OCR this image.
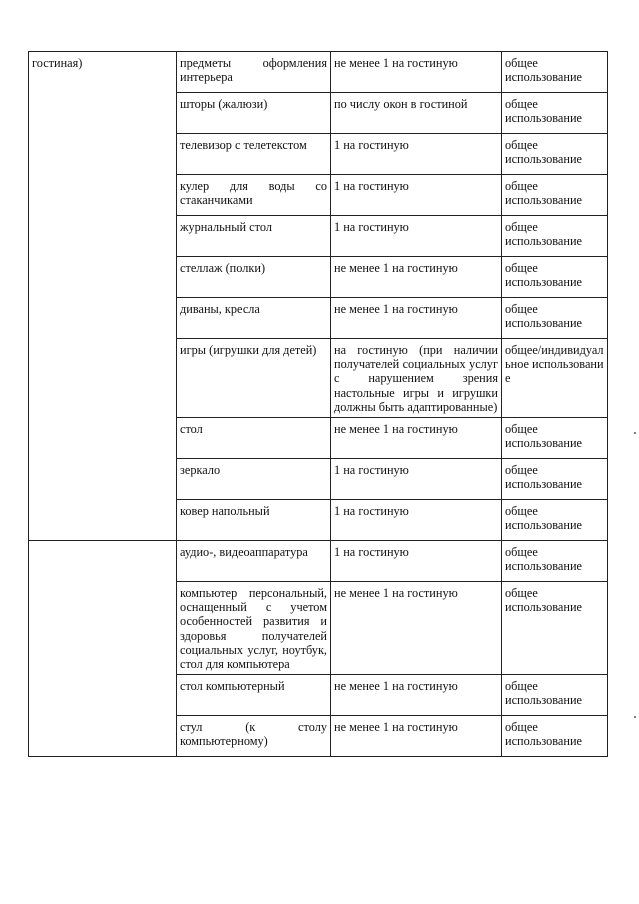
гостиная)	предметы оформления интерьера	не менее 1 на гостиную	общее использование
	шторы (жалюзи)	по числу окон в гостиной	общее использование
	телевизор с телетекстом	1 на гостиную	общее использование
	кулер для воды со стаканчиками	1 на гостиную	общее использование
	журнальный стол	1 на гостиную	общее использование
	стеллаж (полки)	не менее 1 на гостиную	общее использование
	диваны, кресла	не менее 1 на гостиную	общее использование
	игры (игрушки для детей)	на гостиную (при наличии получателей социальных услуг с нарушением зрения настольные игры и игрушки должны быть адаптированные)	общее/индивидуальное использование
	стол	не менее 1 на гостиную	общее использование
	зеркало	1 на гостиную	общее использование
	ковер напольный	1 на гостиную	общее использование
	аудио-, видеоаппаратура	1 на гостиную	общее использование
	компьютер персональный, оснащенный с учетом особенностей развития и здоровья получателей социальных услуг, ноутбук, стол для компьютера	не менее 1 на гостиную	общее использование
	стол компьютерный	не менее 1 на гостиную	общее использование
	стул (к столу компьютерному)	не менее 1 на гостиную	общее использование
